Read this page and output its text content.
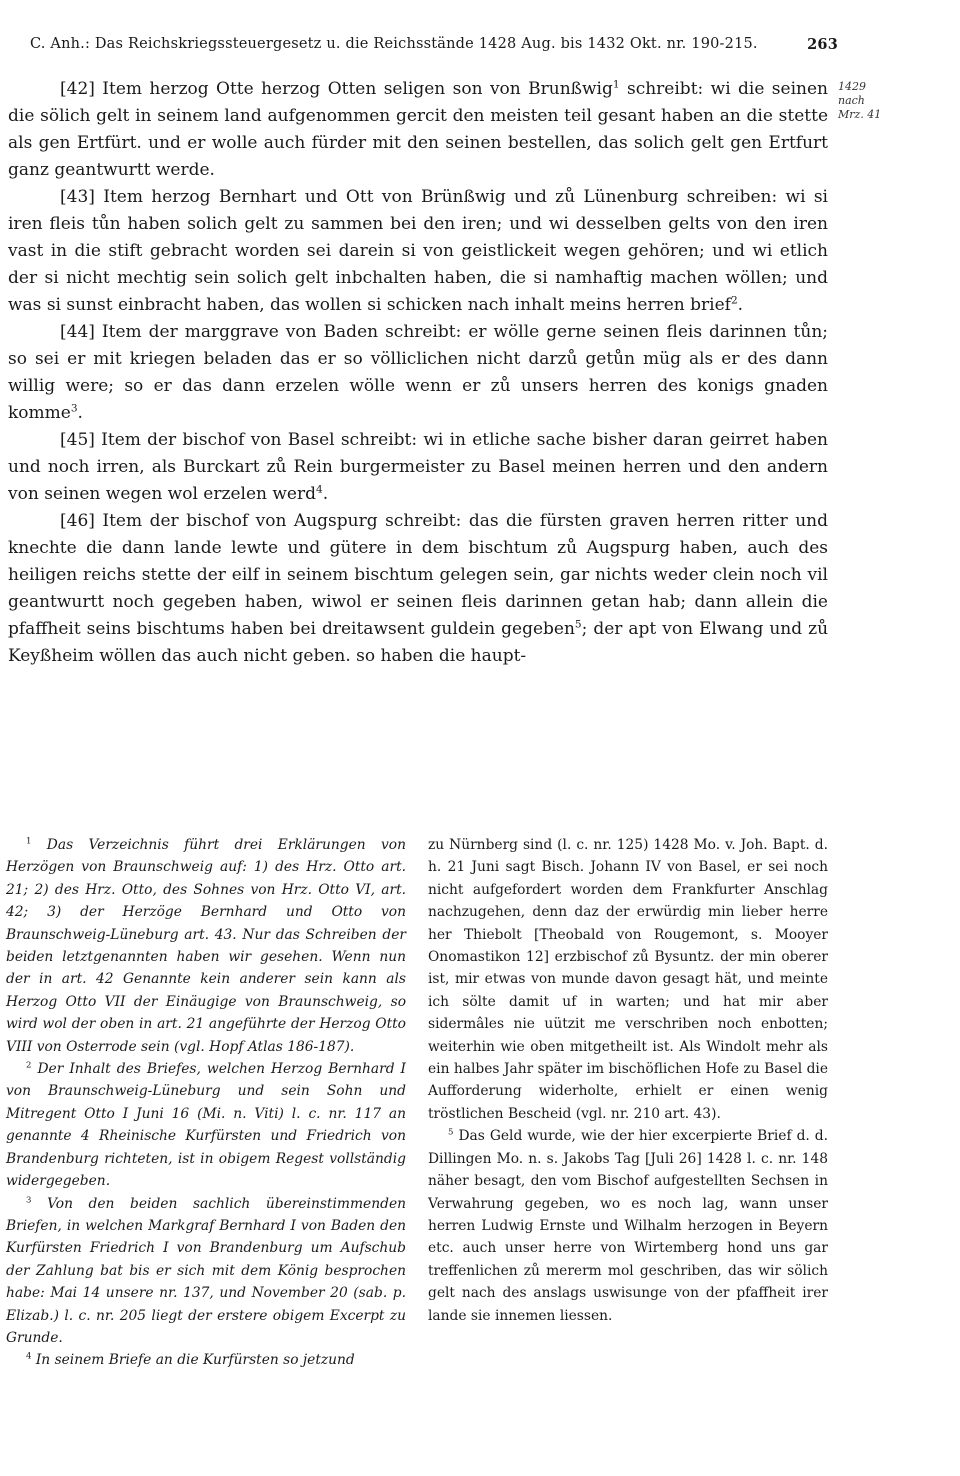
C. Anh.: Das Reichskriegssteuergesetz u. die Reichsstände 1428 Aug. bis 1432 Okt. nr. 190-215.	263
1429
nach
Mrz. 41

[42] Item herzog Otte herzog Otten seligen son von Brunßwig$^1$ schreibt: wi die seinen die sölich gelt in seinem land aufgenommen gercit den meisten teil gesant haben an die stette als gen Ertfürt. und er wolle auch fürder mit den seinen bestellen, das solich gelt gen Ertfurt ganz geantwurtt werde.

[43] Item herzog Bernhart und Ott von Brünßwig und zů Lünenburg schreiben: wi si iren fleis tůn haben solich gelt zu sammen bei den iren; und wi desselben gelts von den iren vast in die stift gebracht worden sei darein si von geistlickeit wegen gehören; und wi etlich der si nicht mechtig sein solich gelt inbchalten haben, die si namhaftig machen wöllen; und was si sunst einbracht haben, das wollen si schicken nach inhalt meins herren brief$^2$.

[44] Item der marggrave von Baden schreibt: er wölle gerne seinen fleis darinnen tůn; so sei er mit kriegen beladen das er so völliclichen nicht darzů getůn müg als er des dann willig were; so er das dann erzelen wölle wenn er zů unsers herren des konigs gnaden komme$^3$.

[45] Item der bischof von Basel schreibt: wi in etliche sache bisher daran geirret haben und noch irren, als Burckart zů Rein burgermeister zu Basel meinen herren und den andern von seinen wegen wol erzelen werd$^4$.

[46] Item der bischof von Augspurg schreibt: das die fürsten graven herren ritter und knechte die dann lande lewte und gütere in dem bischtum zů Augspurg haben, auch des heiligen reichs stette der eilf in seinem bischtum gelegen sein, gar nichts weder clein noch vil geantwurtt noch gegeben haben, wiwol er seinen fleis darinnen getan hab; dann allein die pfaffheit seins bischtums haben bei dreitawsent guldein gegeben$^5$; der apt von Elwang und zů Keyßheim wöllen das auch nicht geben. so haben die haupt-

$^1$ Das Verzeichnis führt drei Erklärungen von Herzögen von Braunschweig auf: 1) des Hrz. Otto art. 21; 2) des Hrz. Otto, des Sohnes von Hrz. Otto VI, art. 42; 3) der Herzöge Bernhard und Otto von Braunschweig-Lüneburg art. 43. Nur das Schreiben der beiden letztgenannten haben wir gesehen. Wenn nun der in art. 42 Genannte kein anderer sein kann als Herzog Otto VII der Einäugige von Braunschweig, so wird wol der oben in art. 21 angeführte der Herzog Otto VIII von Osterrode sein (vgl. Hopf Atlas 186-187).

$^2$ Der Inhalt des Briefes, welchen Herzog Bernhard I von Braunschweig-Lüneburg und sein Sohn und Mitregent Otto I Juni 16 (Mi. n. Viti) l. c. nr. 117 an genannte 4 Rheinische Kurfürsten und Friedrich von Brandenburg richteten, ist in obigem Regest vollständig widergegeben.

$^3$ Von den beiden sachlich übereinstimmenden Briefen, in welchen Markgraf Bernhard I von Baden den Kurfürsten Friedrich I von Brandenburg um Aufschub der Zahlung bat bis er sich mit dem König besprochen habe: Mai 14 unsere nr. 137, und November 20 (sab. p. Elizab.) l. c. nr. 205 liegt der erstere obigem Excerpt zu Grunde.

$^4$ In seinem Briefe an die Kurfürsten so jetzund

zu Nürnberg sind (l. c. nr. 125) 1428 Mo. v. Joh. Bapt. d. h. 21 Juni sagt Bisch. Johann IV von Basel, er sei noch nicht aufgefordert worden dem Frankfurter Anschlag nachzugehen, denn daz der erwürdig min lieber herre her Thiebolt [Theobald von Rougemont, s. Mooyer Onomastikon 12] erzbischof zů Bysuntz. der min oberer ist, mir etwas von munde davon gesagt hät, und meinte ich sölte damit uf in warten; und hat mir aber sidermâles nie uützit me verschriben noch enbotten; weiterhin wie oben mitgetheilt ist. Als Windolt mehr als ein halbes Jahr später im bischöflichen Hofe zu Basel die Aufforderung widerholte, erhielt er einen wenig tröstlichen Bescheid (vgl. nr. 210 art. 43).

$^5$ Das Geld wurde, wie der hier excerpierte Brief d. d. Dillingen Mo. n. s. Jakobs Tag [Juli 26] 1428 l. c. nr. 148 näher besagt, den vom Bischof aufgestellten Sechsen in Verwahrung gegeben, wo es noch lag, wann unser herren Ludwig Ernste und Wilhalm herzogen in Beyern etc. auch unser herre von Wirtemberg hond uns gar treffenlichen zů mererm mol geschriben, das wir sölich gelt nach des anslags uswisunge von der pfaffheit irer lande sie innemen liessen.
